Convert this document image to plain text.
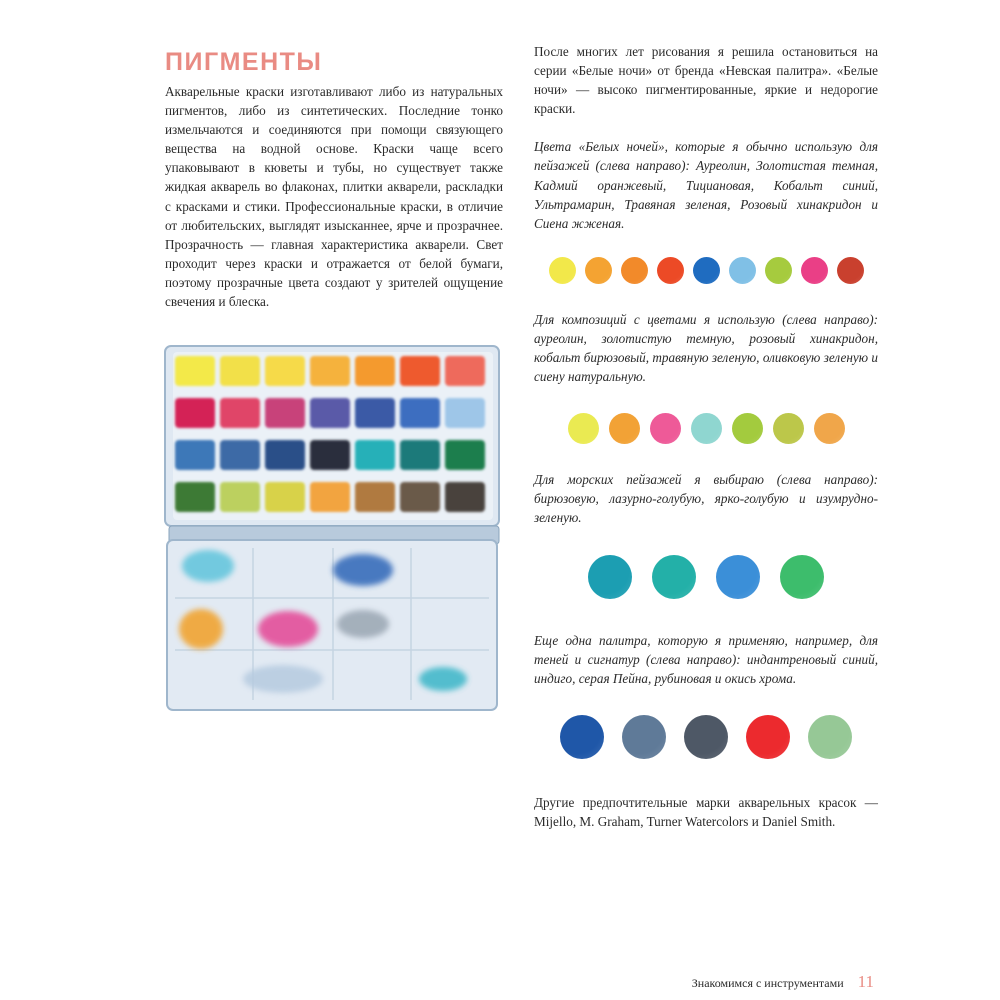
ПИГМЕНТЫ

Акварельные краски изготавливают либо из натуральных пигментов, либо из синтетических. Последние тонко измельчаются и соединяются при помощи связующего вещества на водной основе. Краски чаще всего упаковывают в кюветы и тубы, но существует также жидкая акварель во флаконах, плитки акварели, раскладки с красками и стики. Профессиональные краски, в отличие от любительских, выглядят изысканнее, ярче и прозрачнее. Прозрачность — главная характеристика акварели. Свет проходит через краски и отражается от белой бумаги, поэтому прозрачные цвета создают у зрителей ощущение свечения и блеска.

После многих лет рисования я решила остановиться на серии «Белые ночи» от бренда «Невская палитра». «Белые ночи» — высоко пигментированные, яркие и недорогие краски.

Цвета «Белых ночей», которые я обычно использую для пейзажей (слева направо): Ауреолин, Золотистая темная, Кадмий оранжевый, Тициановая, Кобальт синий, Ультрамарин, Травяная зеленая, Розовый хинакридон и Сиена жженая.

Для композиций с цветами я использую (слева направо): ауреолин, золотистую темную, розовый хинакридон, кобальт бирюзовый, травяную зеленую, оливковую зеленую и сиену натуральную.

Для морских пейзажей я выбираю (слева направо): бирюзовую, лазурно-голубую, ярко-голубую и изумрудно-зеленую.

Еще одна палитра, которую я применяю, например, для теней и сигнатур (слева направо): индантреновый синий, индиго, серая Пейна, рубиновая и окись хрома.

Другие предпочтительные марки акварельных красок — Mijello, M. Graham, Turner Watercolors и Daniel Smith.

Знакомимся с инструментами 11
